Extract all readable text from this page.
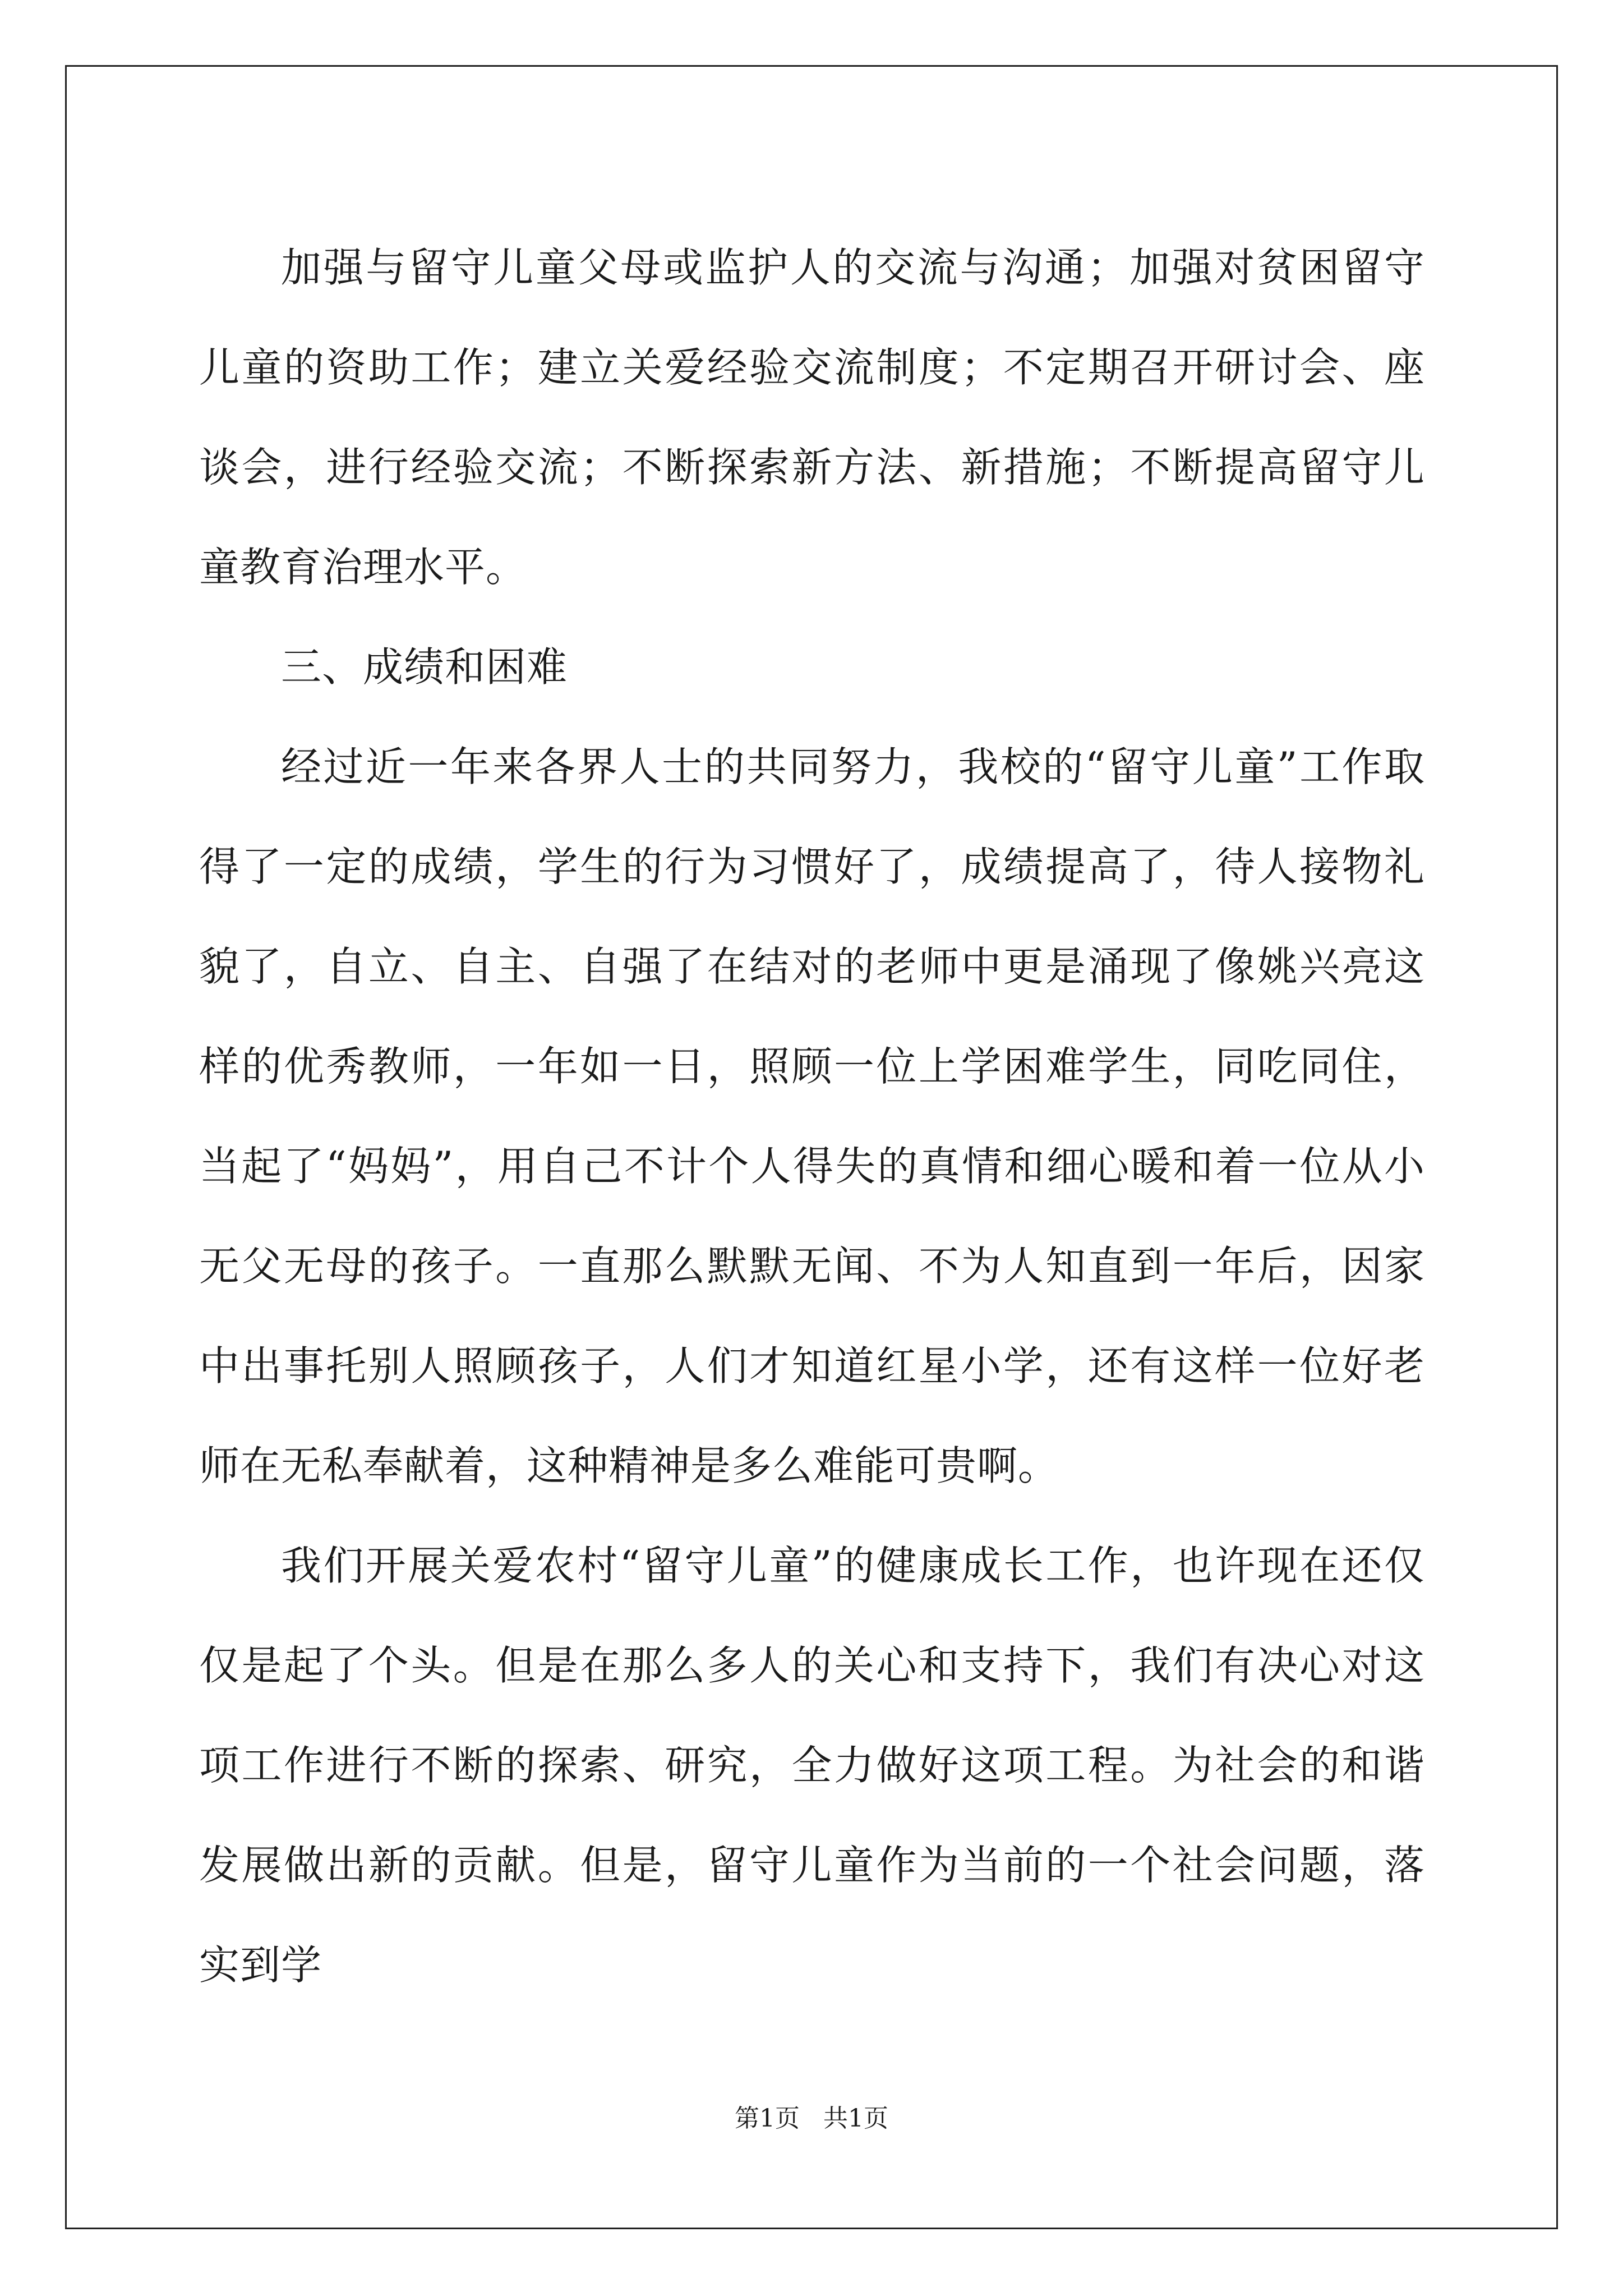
加强与留守儿童父母或监护人的交流与沟通；加强对贫困留守儿童的资助工作；建立关爱经验交流制度；不定期召开研讨会、座谈会，进行经验交流；不断探索新方法、新措施；不断提高留守儿童教育治理水平。

三、成绩和困难

经过近一年来各界人士的共同努力，我校的“留守儿童”工作取得了一定的成绩，学生的行为习惯好了，成绩提高了，待人接物礼貌了，自立、自主、自强了在结对的老师中更是涌现了像姚兴亮这样的优秀教师，一年如一日，照顾一位上学困难学生，同吃同住，当起了“妈妈”，用自己不计个人得失的真情和细心暖和着一位从小无父无母的孩子。一直那么默默无闻、不为人知直到一年后，因家中出事托别人照顾孩子，人们才知道红星小学，还有这样一位好老师在无私奉献着，这种精神是多么难能可贵啊。

我们开展关爱农村“留守儿童”的健康成长工作，也许现在还仅仅是起了个头。但是在那么多人的关心和支持下，我们有决心对这项工作进行不断的探索、研究，全力做好这项工程。为社会的和谐发展做出新的贡献。但是，留守儿童作为当前的一个社会问题，落实到学

第1页   共1页
